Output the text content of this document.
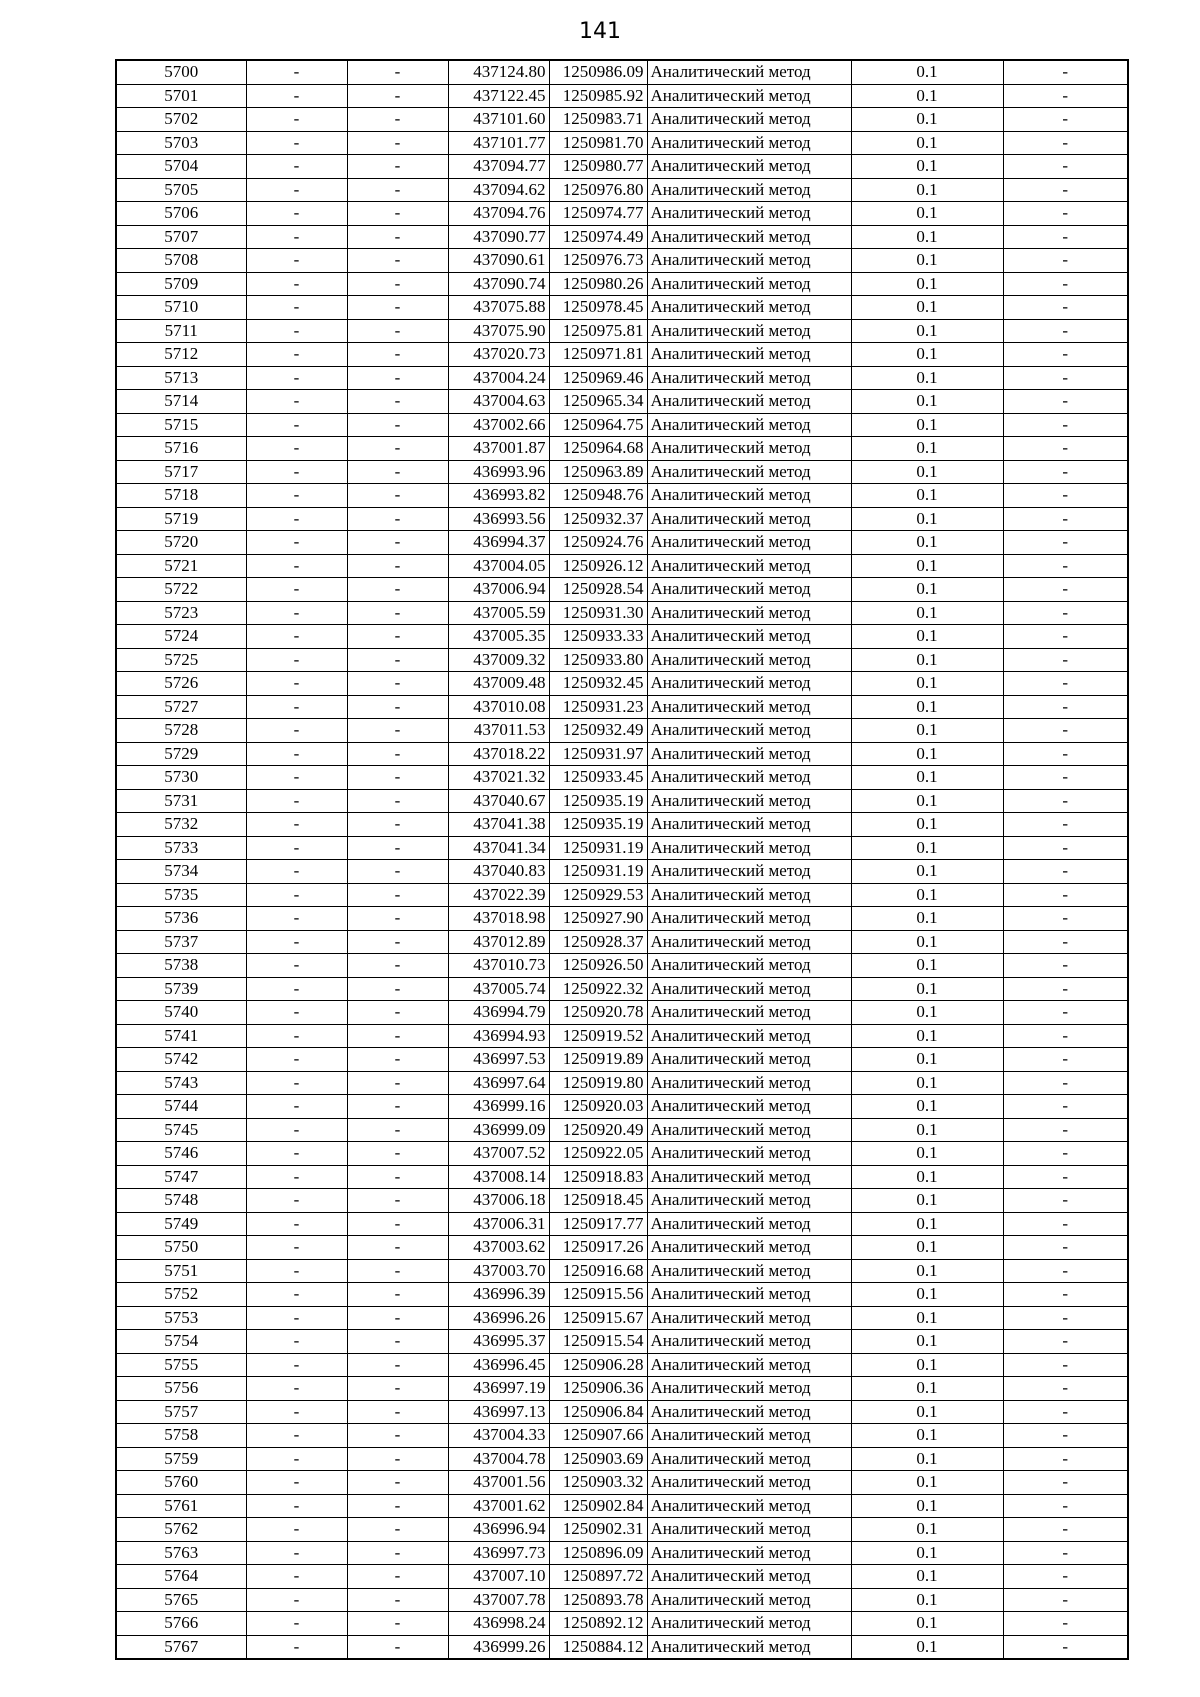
141
5700	-	-	437124.80	1250986.09	Аналитический метод	0.1	-
5701	-	-	437122.45	1250985.92	Аналитический метод	0.1	-
5702	-	-	437101.60	1250983.71	Аналитический метод	0.1	-
5703	-	-	437101.77	1250981.70	Аналитический метод	0.1	-
5704	-	-	437094.77	1250980.77	Аналитический метод	0.1	-
5705	-	-	437094.62	1250976.80	Аналитический метод	0.1	-
5706	-	-	437094.76	1250974.77	Аналитический метод	0.1	-
5707	-	-	437090.77	1250974.49	Аналитический метод	0.1	-
5708	-	-	437090.61	1250976.73	Аналитический метод	0.1	-
5709	-	-	437090.74	1250980.26	Аналитический метод	0.1	-
5710	-	-	437075.88	1250978.45	Аналитический метод	0.1	-
5711	-	-	437075.90	1250975.81	Аналитический метод	0.1	-
5712	-	-	437020.73	1250971.81	Аналитический метод	0.1	-
5713	-	-	437004.24	1250969.46	Аналитический метод	0.1	-
5714	-	-	437004.63	1250965.34	Аналитический метод	0.1	-
5715	-	-	437002.66	1250964.75	Аналитический метод	0.1	-
5716	-	-	437001.87	1250964.68	Аналитический метод	0.1	-
5717	-	-	436993.96	1250963.89	Аналитический метод	0.1	-
5718	-	-	436993.82	1250948.76	Аналитический метод	0.1	-
5719	-	-	436993.56	1250932.37	Аналитический метод	0.1	-
5720	-	-	436994.37	1250924.76	Аналитический метод	0.1	-
5721	-	-	437004.05	1250926.12	Аналитический метод	0.1	-
5722	-	-	437006.94	1250928.54	Аналитический метод	0.1	-
5723	-	-	437005.59	1250931.30	Аналитический метод	0.1	-
5724	-	-	437005.35	1250933.33	Аналитический метод	0.1	-
5725	-	-	437009.32	1250933.80	Аналитический метод	0.1	-
5726	-	-	437009.48	1250932.45	Аналитический метод	0.1	-
5727	-	-	437010.08	1250931.23	Аналитический метод	0.1	-
5728	-	-	437011.53	1250932.49	Аналитический метод	0.1	-
5729	-	-	437018.22	1250931.97	Аналитический метод	0.1	-
5730	-	-	437021.32	1250933.45	Аналитический метод	0.1	-
5731	-	-	437040.67	1250935.19	Аналитический метод	0.1	-
5732	-	-	437041.38	1250935.19	Аналитический метод	0.1	-
5733	-	-	437041.34	1250931.19	Аналитический метод	0.1	-
5734	-	-	437040.83	1250931.19	Аналитический метод	0.1	-
5735	-	-	437022.39	1250929.53	Аналитический метод	0.1	-
5736	-	-	437018.98	1250927.90	Аналитический метод	0.1	-
5737	-	-	437012.89	1250928.37	Аналитический метод	0.1	-
5738	-	-	437010.73	1250926.50	Аналитический метод	0.1	-
5739	-	-	437005.74	1250922.32	Аналитический метод	0.1	-
5740	-	-	436994.79	1250920.78	Аналитический метод	0.1	-
5741	-	-	436994.93	1250919.52	Аналитический метод	0.1	-
5742	-	-	436997.53	1250919.89	Аналитический метод	0.1	-
5743	-	-	436997.64	1250919.80	Аналитический метод	0.1	-
5744	-	-	436999.16	1250920.03	Аналитический метод	0.1	-
5745	-	-	436999.09	1250920.49	Аналитический метод	0.1	-
5746	-	-	437007.52	1250922.05	Аналитический метод	0.1	-
5747	-	-	437008.14	1250918.83	Аналитический метод	0.1	-
5748	-	-	437006.18	1250918.45	Аналитический метод	0.1	-
5749	-	-	437006.31	1250917.77	Аналитический метод	0.1	-
5750	-	-	437003.62	1250917.26	Аналитический метод	0.1	-
5751	-	-	437003.70	1250916.68	Аналитический метод	0.1	-
5752	-	-	436996.39	1250915.56	Аналитический метод	0.1	-
5753	-	-	436996.26	1250915.67	Аналитический метод	0.1	-
5754	-	-	436995.37	1250915.54	Аналитический метод	0.1	-
5755	-	-	436996.45	1250906.28	Аналитический метод	0.1	-
5756	-	-	436997.19	1250906.36	Аналитический метод	0.1	-
5757	-	-	436997.13	1250906.84	Аналитический метод	0.1	-
5758	-	-	437004.33	1250907.66	Аналитический метод	0.1	-
5759	-	-	437004.78	1250903.69	Аналитический метод	0.1	-
5760	-	-	437001.56	1250903.32	Аналитический метод	0.1	-
5761	-	-	437001.62	1250902.84	Аналитический метод	0.1	-
5762	-	-	436996.94	1250902.31	Аналитический метод	0.1	-
5763	-	-	436997.73	1250896.09	Аналитический метод	0.1	-
5764	-	-	437007.10	1250897.72	Аналитический метод	0.1	-
5765	-	-	437007.78	1250893.78	Аналитический метод	0.1	-
5766	-	-	436998.24	1250892.12	Аналитический метод	0.1	-
5767	-	-	436999.26	1250884.12	Аналитический метод	0.1	-
